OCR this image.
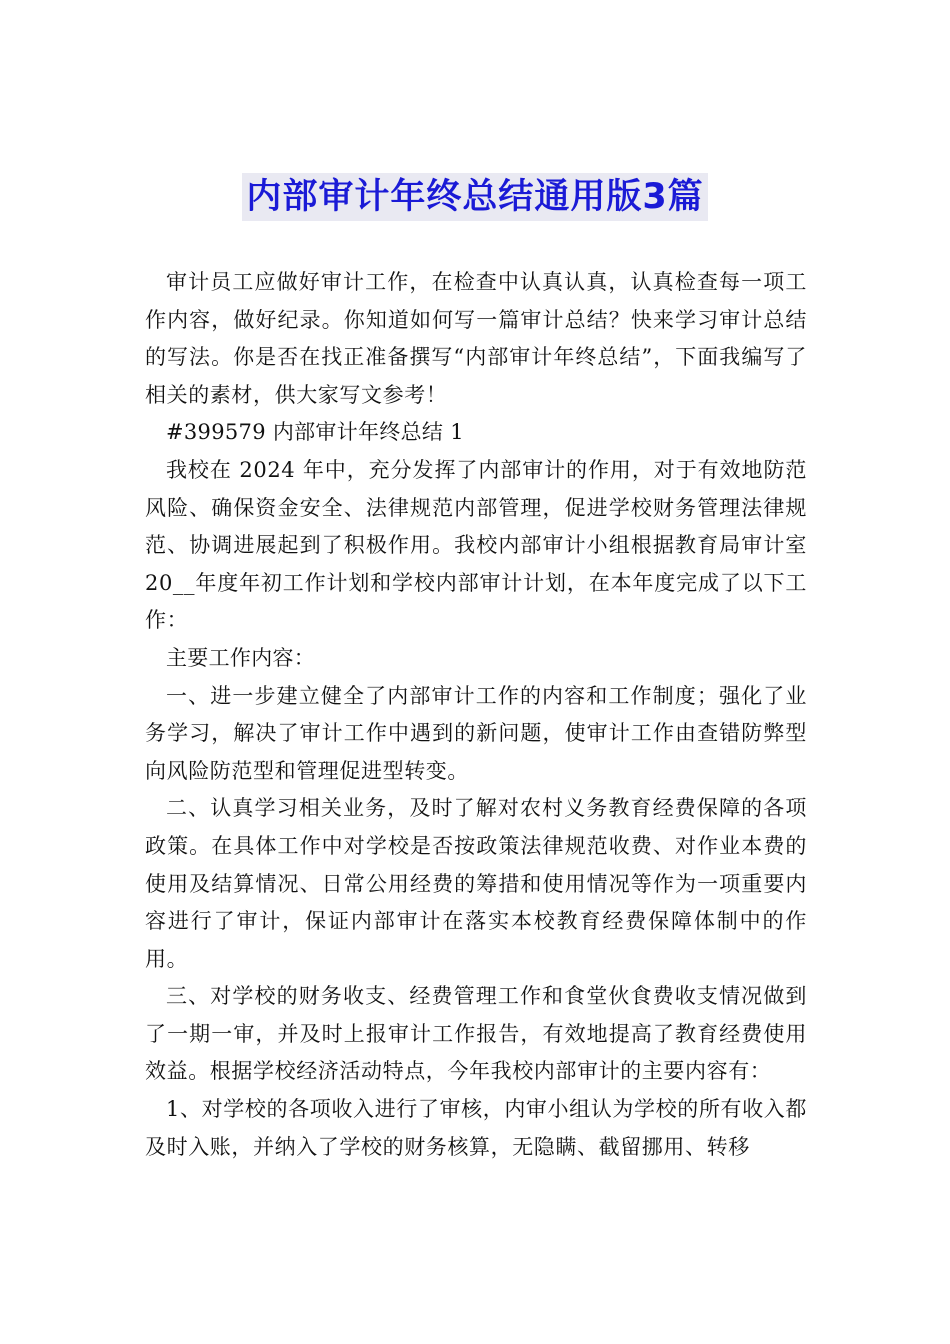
内部审计年终总结通用版3篇

审计员工应做好审计工作，在检查中认真认真，认真检查每一项工作内容，做好纪录。你知道如何写一篇审计总结？快来学习审计总结的写法。你是否在找正准备撰写“内部审计年终总结”，下面我编写了相关的素材，供大家写文参考！

#399579 内部审计年终总结 1

我校在 2024 年中，充分发挥了内部审计的作用，对于有效地防范风险、确保资金安全、法律规范内部管理，促进学校财务管理法律规范、协调进展起到了积极作用。我校内部审计小组根据教育局审计室 20__年度年初工作计划和学校内部审计计划，在本年度完成了以下工作：

主要工作内容：

一、进一步建立健全了内部审计工作的内容和工作制度；强化了业务学习，解决了审计工作中遇到的新问题，使审计工作由查错防弊型向风险防范型和管理促进型转变。

二、认真学习相关业务，及时了解对农村义务教育经费保障的各项政策。在具体工作中对学校是否按政策法律规范收费、对作业本费的使用及结算情况、日常公用经费的筹措和使用情况等作为一项重要内容进行了审计，保证内部审计在落实本校教育经费保障体制中的作用。

三、对学校的财务收支、经费管理工作和食堂伙食费收支情况做到了一期一审，并及时上报审计工作报告，有效地提高了教育经费使用效益。根据学校经济活动特点，今年我校内部审计的主要内容有：

1、对学校的各项收入进行了审核，内审小组认为学校的所有收入都及时入账，并纳入了学校的财务核算，无隐瞒、截留挪用、转移
